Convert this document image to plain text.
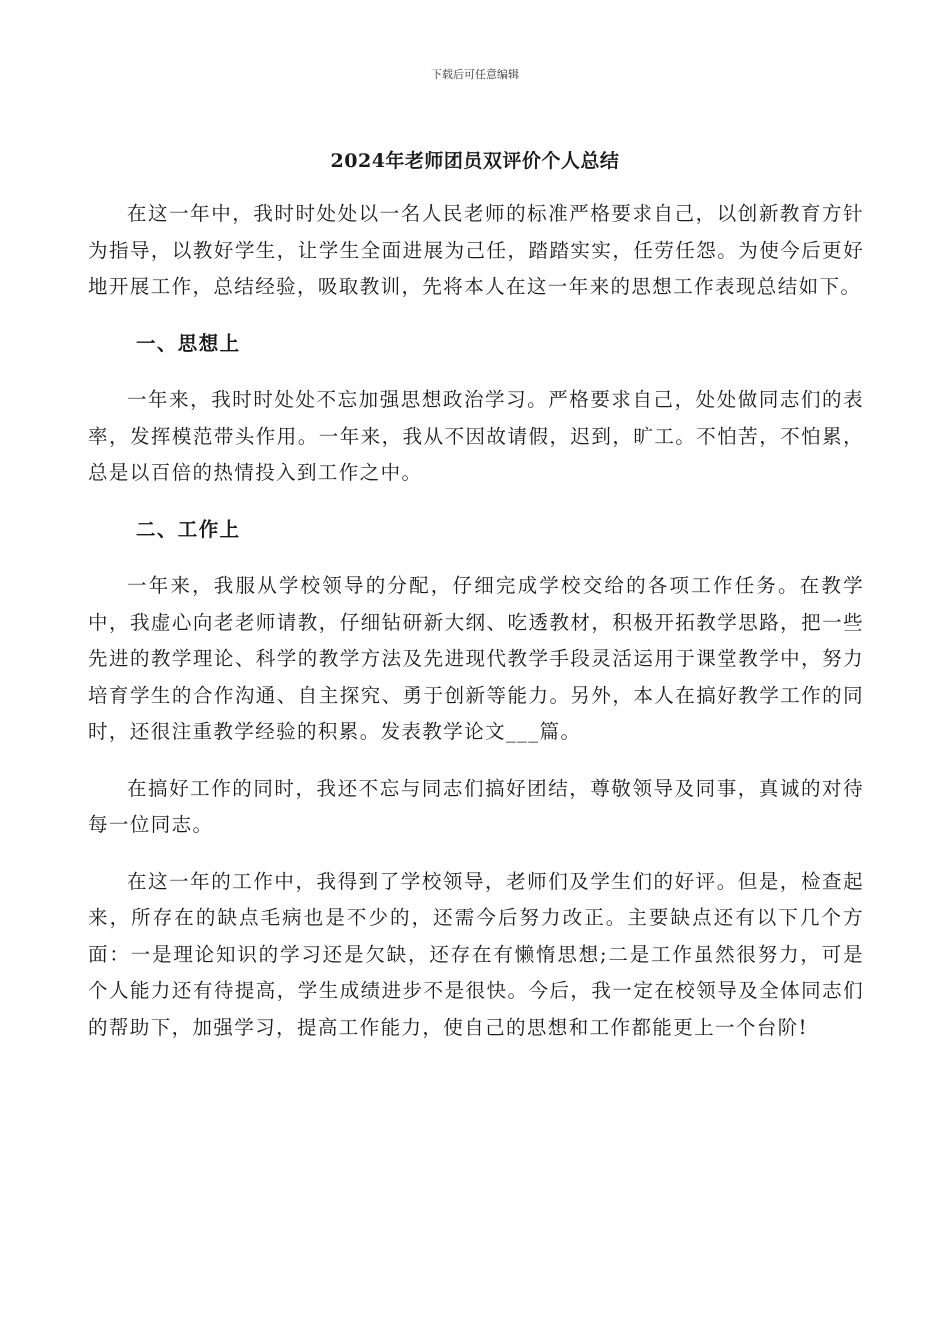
下载后可任意编辑
2024年老师团员双评价个人总结

在这一年中，我时时处处以一名人民老师的标准严格要求自己，以创新教育方针为指导，以教好学生，让学生全面进展为己任，踏踏实实，任劳任怨。为使今后更好地开展工作，总结经验，吸取教训，先将本人在这一年来的思想工作表现总结如下。

一、思想上

一年来，我时时处处不忘加强思想政治学习。严格要求自己，处处做同志们的表率，发挥模范带头作用。一年来，我从不因故请假，迟到，旷工。不怕苦，不怕累，总是以百倍的热情投入到工作之中。

二、工作上

一年来，我服从学校领导的分配，仔细完成学校交给的各项工作任务。在教学中，我虚心向老老师请教，仔细钻研新大纲、吃透教材，积极开拓教学思路，把一些先进的教学理论、科学的教学方法及先进现代教学手段灵活运用于课堂教学中，努力培育学生的合作沟通、自主探究、勇于创新等能力。另外，本人在搞好教学工作的同时，还很注重教学经验的积累。发表教学论文___篇。

在搞好工作的同时，我还不忘与同志们搞好团结，尊敬领导及同事，真诚的对待每一位同志。

在这一年的工作中，我得到了学校领导，老师们及学生们的好评。但是，检查起来，所存在的缺点毛病也是不少的，还需今后努力改正。主要缺点还有以下几个方面：一是理论知识的学习还是欠缺，还存在有懒惰思想;二是工作虽然很努力，可是个人能力还有待提高，学生成绩进步不是很快。今后，我一定在校领导及全体同志们的帮助下，加强学习，提高工作能力，使自己的思想和工作都能更上一个台阶!
